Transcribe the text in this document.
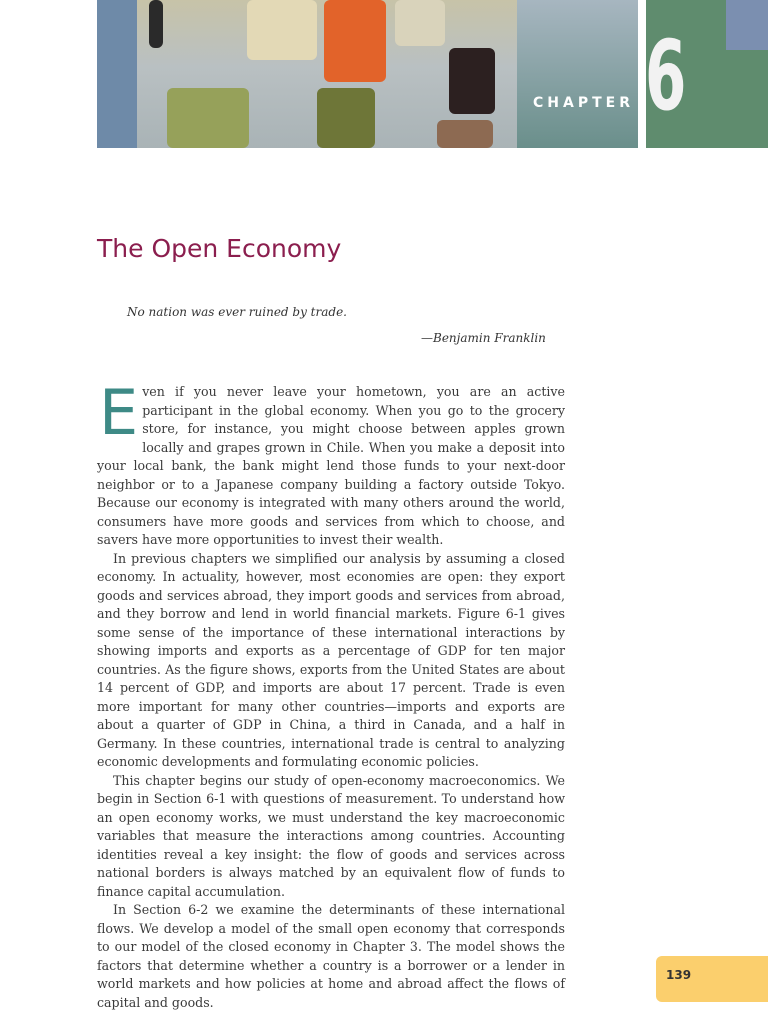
CHAPTER 6
The Open Economy
No nation was ever ruined by trade.
—Benjamin Franklin

Even if you never leave your hometown, you are an active participant in the global economy. When you go to the grocery store, for instance, you might choose between apples grown locally and grapes grown in Chile. When you make a deposit into your local bank, the bank might lend those funds to your next-door neighbor or to a Japanese company building a factory outside Tokyo. Because our economy is integrated with many others around the world, consumers have more goods and services from which to choose, and savers have more opportunities to invest their wealth.

In previous chapters we simplified our analysis by assuming a closed economy. In actuality, however, most economies are open: they export goods and services abroad, they import goods and services from abroad, and they borrow and lend in world financial markets. Figure 6-1 gives some sense of the importance of these international interactions by showing imports and exports as a percentage of GDP for ten major countries. As the figure shows, exports from the United States are about 14 percent of GDP, and imports are about 17 percent. Trade is even more important for many other countries—imports and exports are about a quarter of GDP in China, a third in Canada, and a half in Germany. In these countries, international trade is central to analyzing economic developments and formulating economic policies.

This chapter begins our study of open-economy macroeconomics. We begin in Section 6-1 with questions of measurement. To understand how an open economy works, we must understand the key macroeconomic variables that measure the interactions among countries. Accounting identities reveal a key insight: the flow of goods and services across national borders is always matched by an equivalent flow of funds to finance capital accumulation.

In Section 6-2 we examine the determinants of these international flows. We develop a model of the small open economy that corresponds to our model of the closed economy in Chapter 3. The model shows the factors that determine whether a country is a borrower or a lender in world markets and how policies at home and abroad affect the flows of capital and goods.

139
